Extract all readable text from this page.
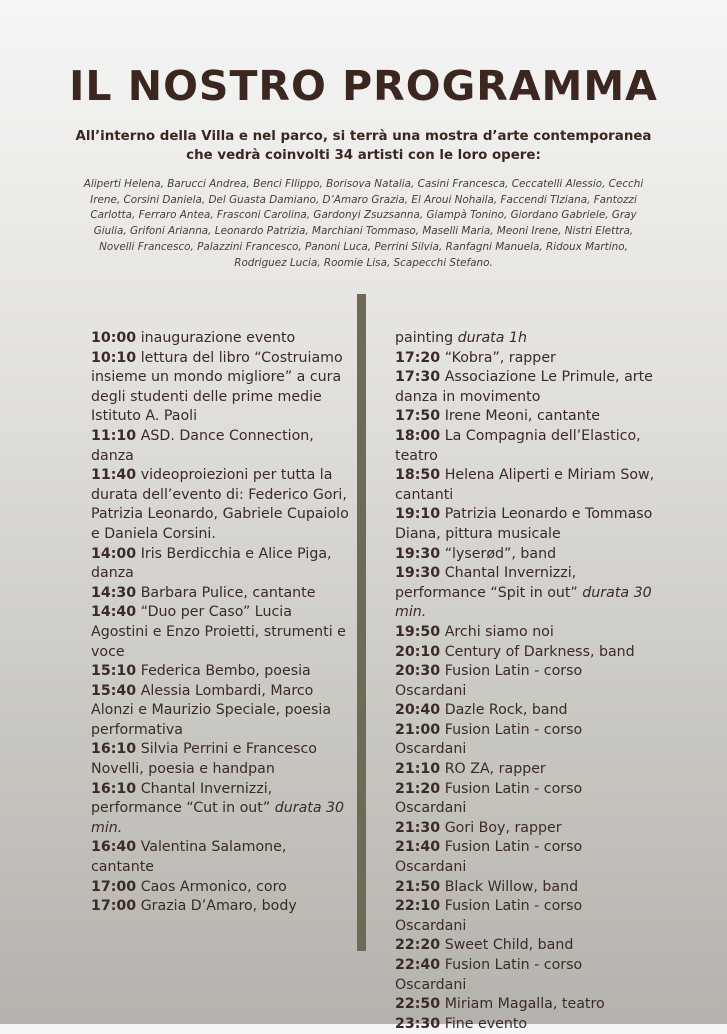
IL NOSTRO PROGRAMMA
All’interno della Villa e nel parco, si terrà una mostra d’arte contemporanea che vedrà coinvolti 34 artisti con le loro opere:
Aliperti Helena, Barucci Andrea, Benci FIlippo, Borisova Natalia, Casini Francesca, Ceccatelli Alessio, Cecchi Irene, Corsini Daniela, Del Guasta Damiano, D’Amaro Grazia, El Aroui Nohaila, Faccendi TIziana, Fantozzi Carlotta, Ferraro Antea, Frasconi Carolina, Gardonyi Zsuzsanna, Giampà Tonino, Giordano Gabriele, Gray Giulia, Grifoni Arianna, Leonardo Patrizia, Marchiani Tommaso, Maselli Maria, Meoni Irene, Nistri Elettra, Novelli Francesco, Palazzini Francesco, Panoni Luca, Perrini Silvia, Ranfagni Manuela, Ridoux Martino, Rodriguez Lucia, Roomie Lisa, Scapecchi Stefano.

10:00 inaugurazione evento

10:10 lettura del libro “Costruiamo insieme un mondo migliore” a cura degli studenti delle prime medie Istituto A. Paoli

11:10 ASD. Dance Connection, danza

11:40 videoproiezioni per tutta la durata dell’evento di: Federico Gori, Patrizia Leonardo, Gabriele Cupaiolo e Daniela Corsini.

14:00 Iris Berdicchia e Alice Piga, danza

14:30 Barbara Pulice, cantante

14:40 “Duo per Caso” Lucia Agostini e Enzo Proietti, strumenti e voce

15:10 Federica Bembo, poesia

15:40 Alessia Lombardi, Marco Alonzi e Maurizio Speciale, poesia performativa

16:10 Silvia Perrini e Francesco Novelli, poesia e handpan

16:10 Chantal Invernizzi, performance “Cut in out” durata 30 min.

16:40 Valentina Salamone, cantante

17:00 Caos Armonico, coro

17:00 Grazia D’Amaro, body

painting durata 1h

17:20 “Kobra”, rapper

17:30 Associazione Le Primule, arte danza in movimento

17:50 Irene Meoni, cantante

18:00 La Compagnia dell’Elastico, teatro

18:50 Helena Aliperti e Miriam Sow, cantanti

19:10 Patrizia Leonardo e Tommaso Diana, pittura musicale

19:30 “lyserød”, band

19:30 Chantal Invernizzi, performance “Spit in out” durata 30 min.

19:50 Archi siamo noi

20:10 Century of Darkness, band

20:30 Fusion Latin - corso Oscardani

20:40 Dazle Rock, band

21:00 Fusion Latin - corso Oscardani

21:10 RO ZA, rapper

21:20 Fusion Latin - corso Oscardani

21:30 Gori Boy, rapper

21:40 Fusion Latin - corso Oscardani

21:50 Black Willow, band

22:10 Fusion Latin - corso Oscardani

22:20 Sweet Child, band

22:40 Fusion Latin - corso Oscardani

22:50 Miriam Magalla, teatro

23:30 Fine evento
